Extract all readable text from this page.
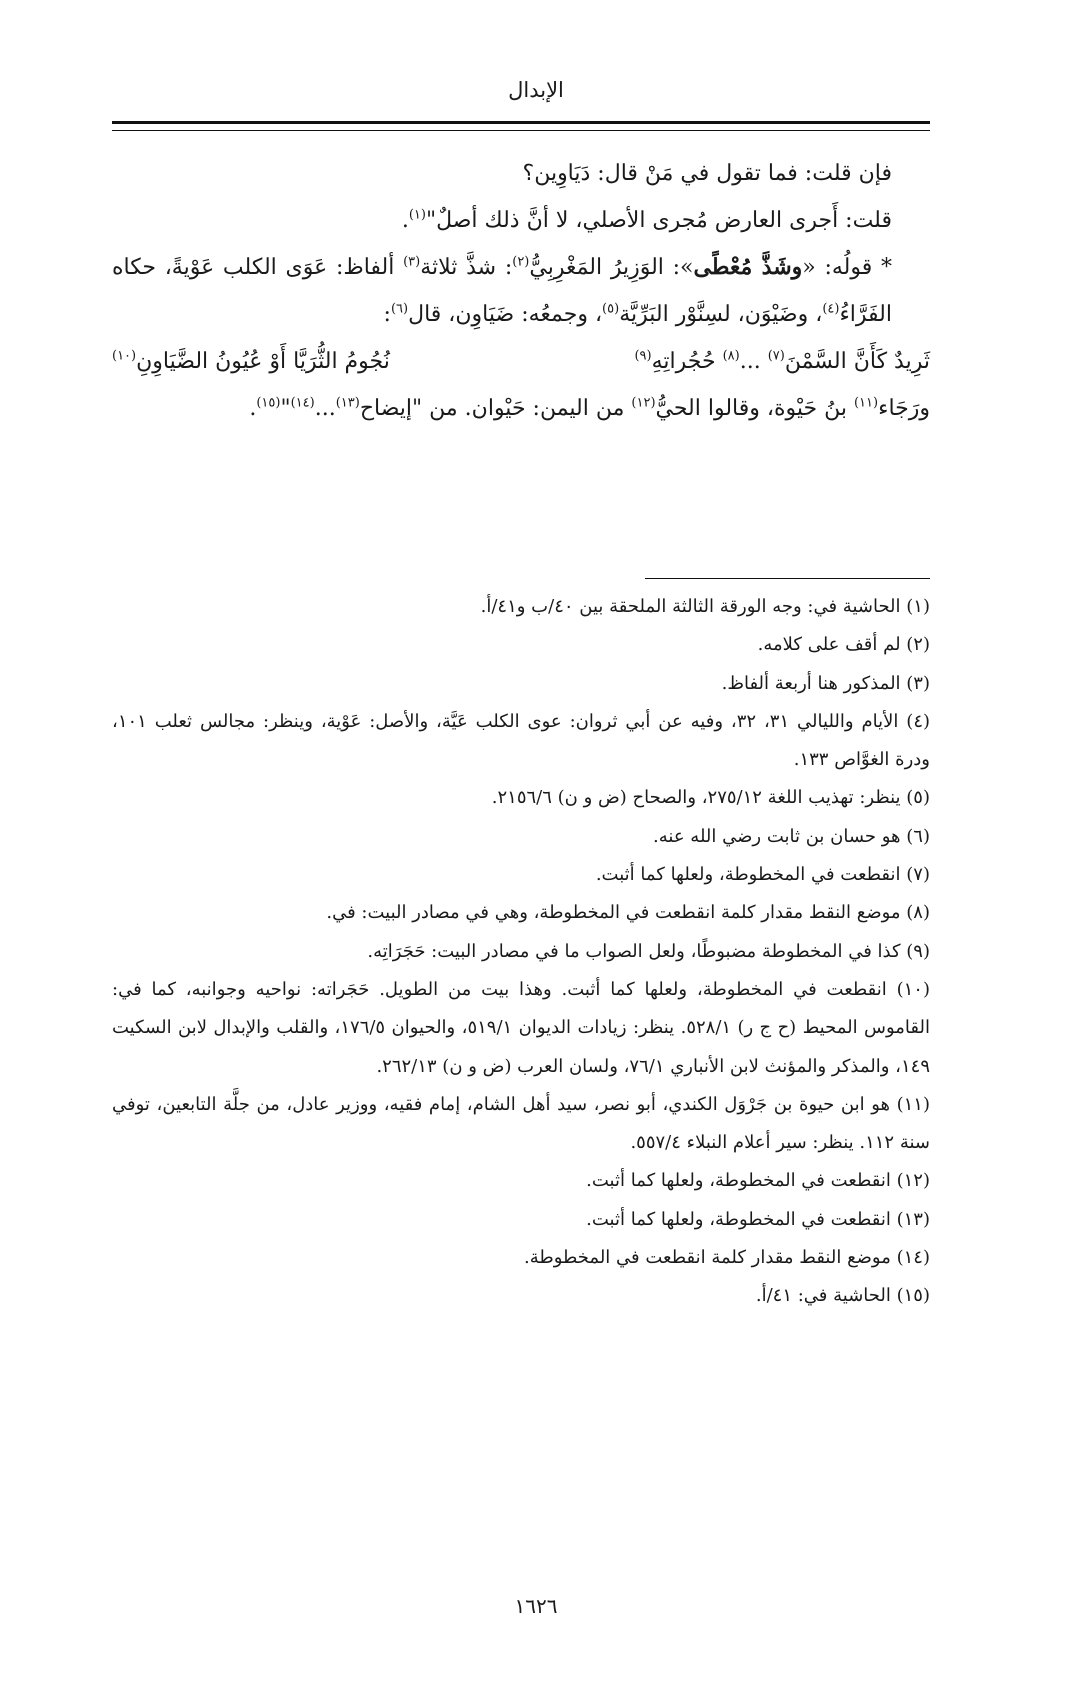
الإبدال

فإن قلت: فما تقول في مَنْ قال: دَيَاوِين؟

قلت: أَجرى العارض مُجرى الأصلي، لا أنَّ ذلك أصلٌ"$^{(١)}$.

* قولُه: «وشَذَّ مُعْطًى»: الوَزِيرُ المَغْرِبِيُّ$^{(٢)}$: شذَّ ثلاثة$^{(٣)}$ ألفاظ: عَوَى الكلب عَوْيةً، حكاه الفَرَّاءُ$^{(٤)}$، وضَيْوَن، لسِنَّوْر البَرِّيَّة$^{(٥)}$، وجمعُه: ضَيَاوِن، قال$^{(٦)}$:

ثَرِيدٌ كَأَنَّ السَّمْنَ$^{(٧)}$ ...$^{(٨)}$ حُجُراتِهِ$^{(٩)}$
نُجُومُ الثُّرَيَّا أَوْ عُيُونُ الضَّيَاوِنِ$^{(١٠)}$

ورَجَاء$^{(١١)}$ بنُ حَيْوة، وقالوا الحيُّ$^{(١٢)}$ من اليمن: حَيْوان. من "إيضاح$^{(١٣)}$...$^{(١٤)}$"$^{(١٥)}$.

(١) الحاشية في: وجه الورقة الثالثة الملحقة بين ٤٠/ب و٤١/أ.

(٢) لم أقف على كلامه.

(٣) المذكور هنا أربعة ألفاظ.

(٤) الأيام والليالي ٣١، ٣٢، وفيه عن أبي ثروان: عوى الكلب عَيَّة، والأصل: عَوْية، وينظر: مجالس ثعلب ١٠١، ودرة الغوَّاص ١٣٣.

(٥) ينظر: تهذيب اللغة ٢٧٥/١٢، والصحاح (ض و ن) ٢١٥٦/٦.

(٦) هو حسان بن ثابت رضي الله عنه.

(٧) انقطعت في المخطوطة، ولعلها كما أثبت.

(٨) موضع النقط مقدار كلمة انقطعت في المخطوطة، وهي في مصادر البيت: في.

(٩) كذا في المخطوطة مضبوطًا، ولعل الصواب ما في مصادر البيت: حَجَرَاتِه.

(١٠) انقطعت في المخطوطة، ولعلها كما أثبت. وهذا بيت من الطويل. حَجَراته: نواحيه وجوانبه، كما في: القاموس المحيط (ح ج ر) ٥٢٨/١. ينظر: زيادات الديوان ٥١٩/١، والحيوان ١٧٦/٥، والقلب والإبدال لابن السكيت ١٤٩، والمذكر والمؤنث لابن الأنباري ٧٦/١، ولسان العرب (ض و ن) ٢٦٢/١٣.

(١١) هو ابن حيوة بن جَرْوَل الكندي، أبو نصر، سيد أهل الشام، إمام فقيه، ووزير عادل، من جلَّة التابعين، توفي سنة ١١٢. ينظر: سير أعلام النبلاء ٥٥٧/٤.

(١٢) انقطعت في المخطوطة، ولعلها كما أثبت.

(١٣) انقطعت في المخطوطة، ولعلها كما أثبت.

(١٤) موضع النقط مقدار كلمة انقطعت في المخطوطة.

(١٥) الحاشية في: ٤١/أ.

١٦٢٦
